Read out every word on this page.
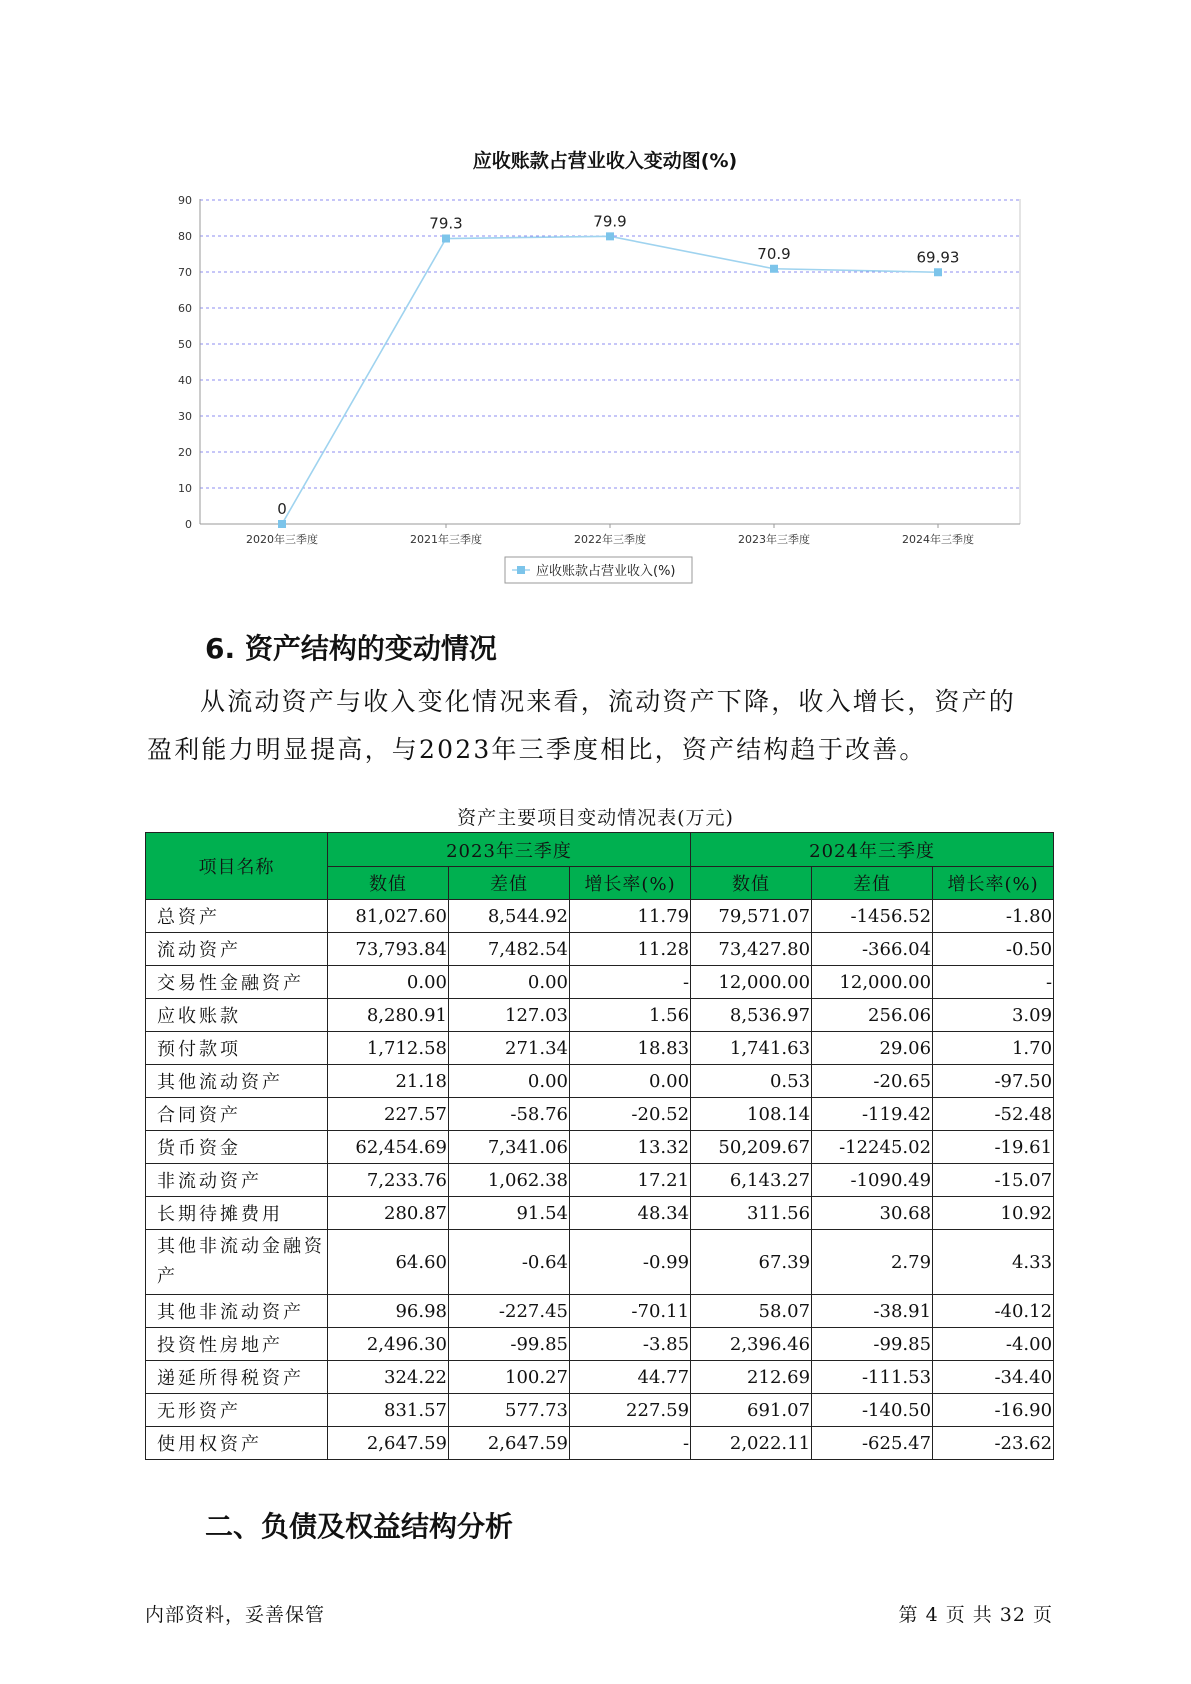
应收账款占营业收入变动图(%)
0
10
20
30
40
50
60
70
80
90
2020年三季度	2021年三季度	2022年三季度	2023年三季度	2024年三季度
0
79.3	79.9
70.9	69.93
应收账款占营业收入(%)
6. 资产结构的变动情况
从流动资产与收入变化情况来看，流动资产下降，收入增长，资产的
盈利能力明显提高，与2023年三季度相比，资产结构趋于改善。
资产主要项目变动情况表(万元)
项目名称	2023年三季度			2024年三季度		
	数值	差值	增长率(%)	数值	差值	增长率(%)
总资产	81,027.60	8,544.92	11.79	79,571.07	-1456.52	-1.80
流动资产	73,793.84	7,482.54	11.28	73,427.80	-366.04	-0.50
交易性金融资产	0.00	0.00	-	12,000.00	12,000.00	-
应收账款	8,280.91	127.03	1.56	8,536.97	256.06	3.09
预付款项	1,712.58	271.34	18.83	1,741.63	29.06	1.70
其他流动资产	21.18	0.00	0.00	0.53	-20.65	-97.50
合同资产	227.57	-58.76	-20.52	108.14	-119.42	-52.48
货币资金	62,454.69	7,341.06	13.32	50,209.67	-12245.02	-19.61
非流动资产	7,233.76	1,062.38	17.21	6,143.27	-1090.49	-15.07
长期待摊费用	280.87	91.54	48.34	311.56	30.68	10.92
其他非流动金融资产	64.60	-0.64	-0.99	67.39	2.79	4.33
其他非流动资产	96.98	-227.45	-70.11	58.07	-38.91	-40.12
投资性房地产	2,496.30	-99.85	-3.85	2,396.46	-99.85	-4.00
递延所得税资产	324.22	100.27	44.77	212.69	-111.53	-34.40
无形资产	831.57	577.73	227.59	691.07	-140.50	-16.90
使用权资产	2,647.59	2,647.59	-	2,022.11	-625.47	-23.62
二、负债及权益结构分析
内部资料，妥善保管	第 4 页 共 32 页
